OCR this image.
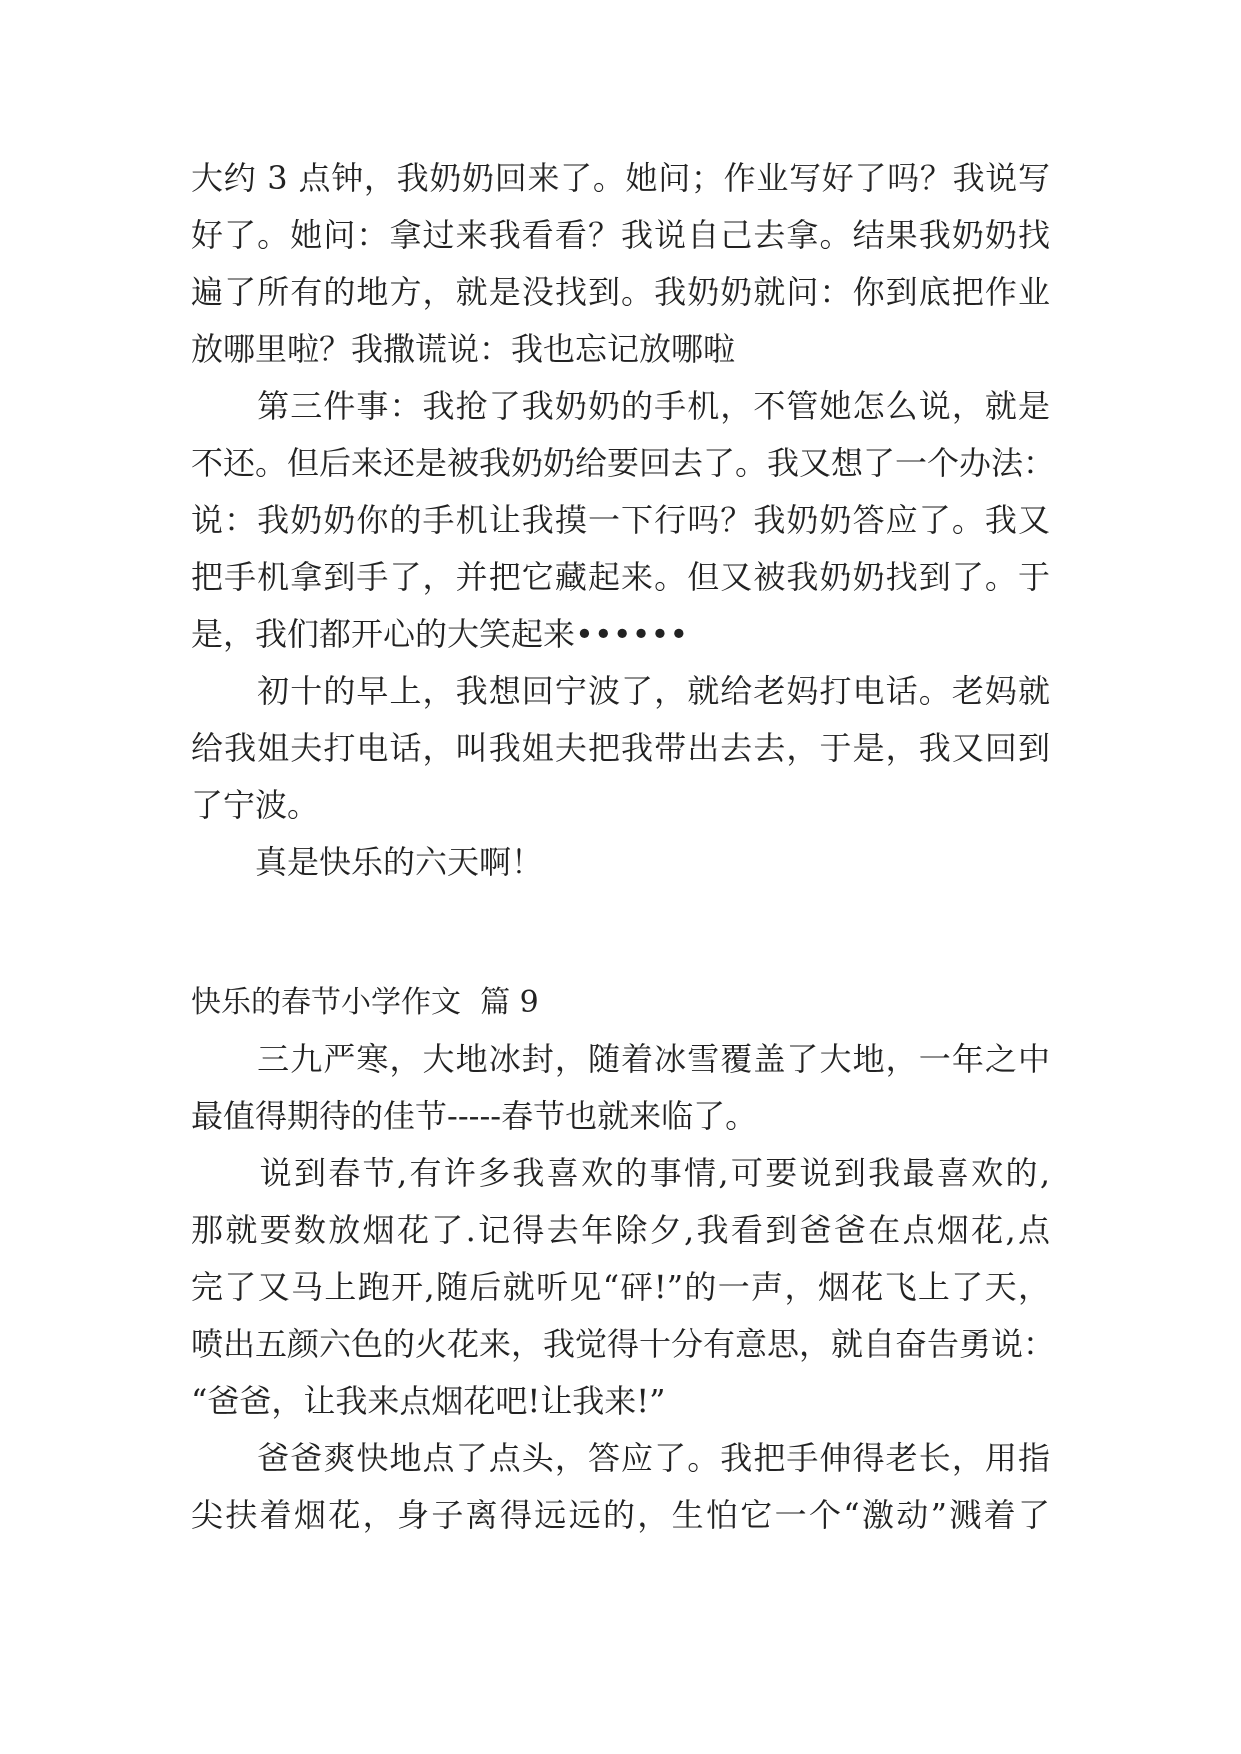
大约 3 点钟，我奶奶回来了。她问；作业写好了吗？我说写
好了。她问：拿过来我看看？我说自己去拿。结果我奶奶找
遍了所有的地方，就是没找到。我奶奶就问：你到底把作业
放哪里啦？我撒谎说：我也忘记放哪啦
　　第三件事：我抢了我奶奶的手机，不管她怎么说，就是
不还。但后来还是被我奶奶给要回去了。我又想了一个办法：
说：我奶奶你的手机让我摸一下行吗？我奶奶答应了。我又
把手机拿到手了，并把它藏起来。但又被我奶奶找到了。于
是，我们都开心的大笑起来••••••
　　初十的早上，我想回宁波了，就给老妈打电话。老妈就
给我姐夫打电话，叫我姐夫把我带出去去，于是，我又回到
了宁波。
　　真是快乐的六天啊！
快乐的春节小学作文  篇 9
　　三九严寒，大地冰封，随着冰雪覆盖了大地，一年之中
最值得期待的佳节-----春节也就来临了。
　　说到春节,有许多我喜欢的事情,可要说到我最喜欢的,
那就要数放烟花了.记得去年除夕,我看到爸爸在点烟花,点
完了又马上跑开,随后就听见“砰!”的一声，烟花飞上了天，
喷出五颜六色的火花来，我觉得十分有意思，就自奋告勇说：
“爸爸，让我来点烟花吧!让我来!”
　　爸爸爽快地点了点头，答应了。我把手伸得老长，用指
尖扶着烟花，身子离得远远的，生怕它一个“激动”溅着了
